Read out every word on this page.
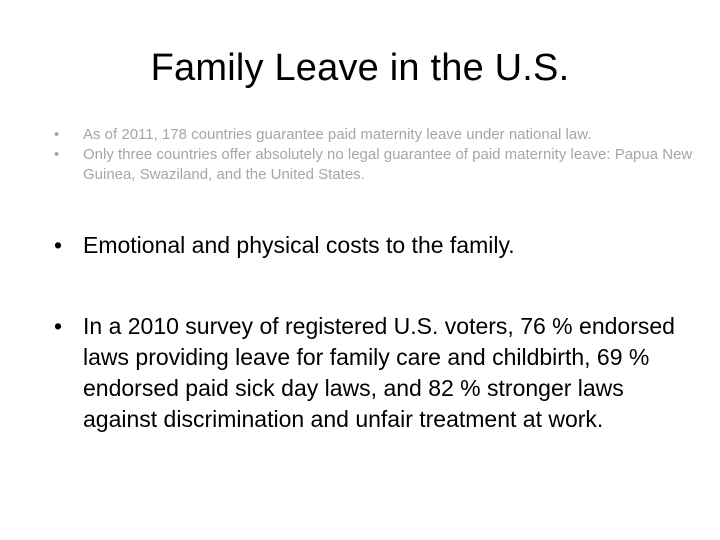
Family Leave in the U.S.
• As of 2011, 178 countries guarantee paid maternity leave under national law.
• Only three countries offer absolutely no legal guarantee of paid maternity leave: Papua New Guinea, Swaziland, and the United States.
• Emotional and physical costs to the family.
• In a 2010 survey of registered U.S. voters, 76 % endorsed laws providing leave for family care and childbirth, 69 % endorsed paid sick day laws, and 82 % stronger laws against discrimination and unfair treatment at work.
